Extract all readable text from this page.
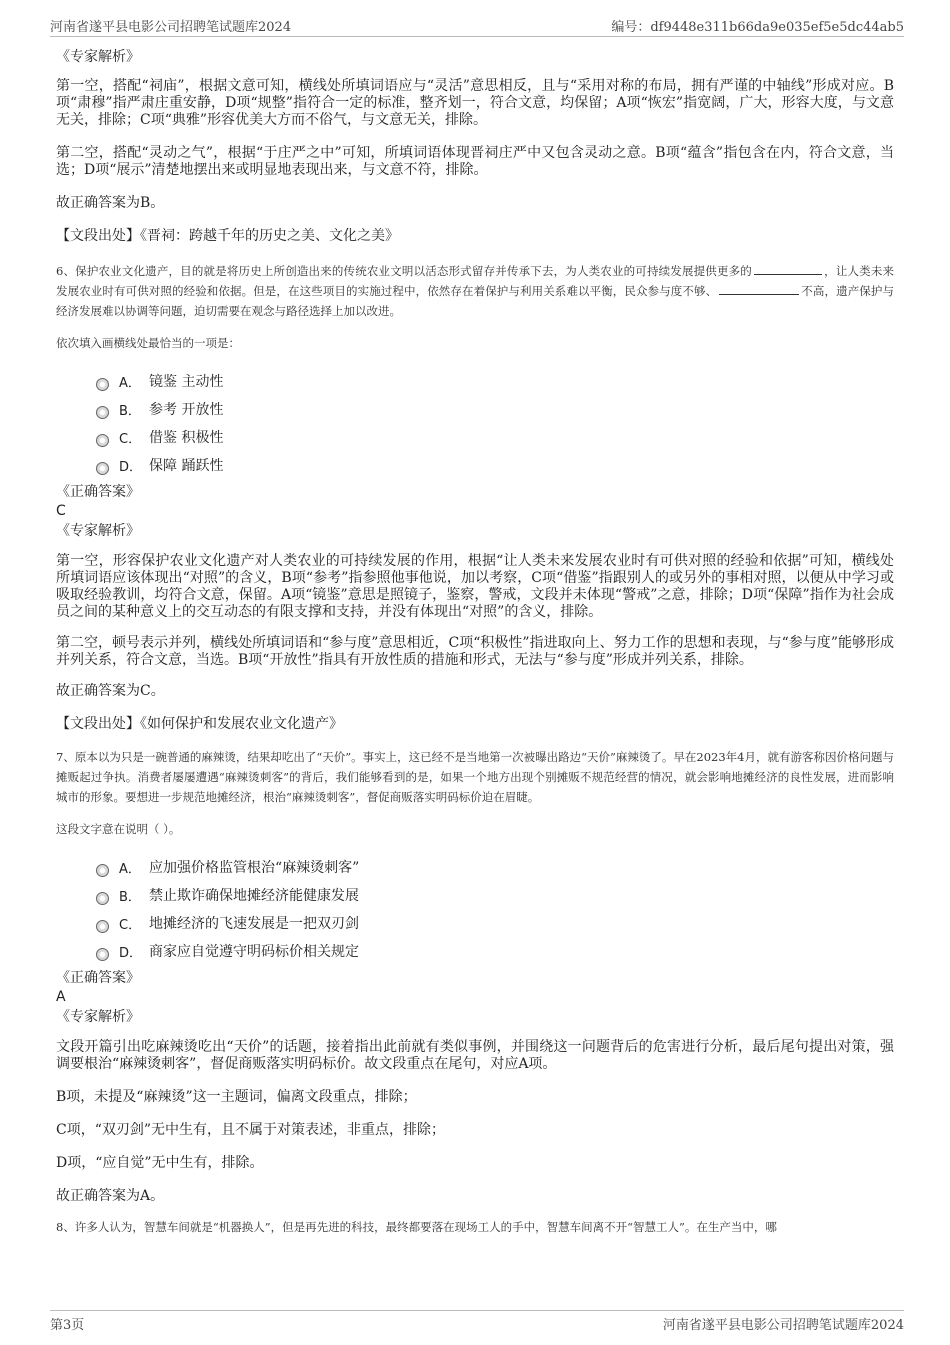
河南省遂平县电影公司招聘笔试题库2024	编号：df9448e311b66da9e035ef5e5dc44ab5

《专家解析》

第一空，搭配“祠庙”，根据文意可知，横线处所填词语应与“灵活”意思相反，且与“采用对称的布局，拥有严谨的中轴线”形成对应。B项“肃穆”指严肃庄重安静，D项“规整”指符合一定的标准，整齐划一，符合文意，均保留；A项“恢宏”指宽阔，广大，形容大度，与文意无关，排除；C项“典雅”形容优美大方而不俗气，与文意无关，排除。

第二空，搭配“灵动之气”，根据“于庄严之中”可知，所填词语体现晋祠庄严中又包含灵动之意。B项“蕴含”指包含在内，符合文意，当选；D项“展示”清楚地摆出来或明显地表现出来，与文意不符，排除。

故正确答案为B。

【文段出处】《晋祠：跨越千年的历史之美、文化之美》

6、保护农业文化遗产，目的就是将历史上所创造出来的传统农业文明以活态形式留存并传承下去，为人类农业的可持续发展提供更多的	，让人类未来发展农业时有可供对照的经验和依据。但是，在这些项目的实施过程中，依然存在着保护与利用关系难以平衡，民众参与度不够、	不高，遗产保护与经济发展难以协调等问题，迫切需要在观念与路径选择上加以改进。

依次填入画横线处最恰当的一项是：

A． 镜鉴 主动性
B． 参考 开放性
C． 借鉴 积极性
D． 保障 踊跃性

《正确答案》

C

《专家解析》

第一空，形容保护农业文化遗产对人类农业的可持续发展的作用，根据“让人类未来发展农业时有可供对照的经验和依据”可知，横线处所填词语应该体现出“对照”的含义，B项“参考”指参照他事他说，加以考察，C项“借鉴”指跟别人的或另外的事相对照，以便从中学习或吸取经验教训，均符合文意，保留。A项“镜鉴”意思是照镜子，鉴察，警戒，文段并未体现“警戒”之意，排除；D项“保障”指作为社会成员之间的某种意义上的交互动态的有限支撑和支持，并没有体现出“对照”的含义，排除。

第二空，顿号表示并列，横线处所填词语和“参与度”意思相近，C项“积极性”指进取向上、努力工作的思想和表现，与“参与度”能够形成并列关系，符合文意，当选。B项“开放性”指具有开放性质的措施和形式，无法与“参与度”形成并列关系，排除。

故正确答案为C。

【文段出处】《如何保护和发展农业文化遗产》

7、原本以为只是一碗普通的麻辣烫，结果却吃出了“天价”。事实上，这已经不是当地第一次被曝出路边“天价”麻辣烫了。早在2023年4月，就有游客称因价格问题与摊贩起过争执。消费者屡屡遭遇“麻辣烫刺客”的背后，我们能够看到的是，如果一个地方出现个别摊贩不规范经营的情况，就会影响地摊经济的良性发展，进而影响城市的形象。要想进一步规范地摊经济，根治“麻辣烫刺客”，督促商贩落实明码标价迫在眉睫。

这段文字意在说明（ ）。

A． 应加强价格监管根治“麻辣烫刺客”
B． 禁止欺诈确保地摊经济能健康发展
C． 地摊经济的飞速发展是一把双刃剑
D． 商家应自觉遵守明码标价相关规定

《正确答案》

A

《专家解析》

文段开篇引出吃麻辣烫吃出“天价”的话题，接着指出此前就有类似事例，并围绕这一问题背后的危害进行分析，最后尾句提出对策，强调要根治“麻辣烫刺客”，督促商贩落实明码标价。故文段重点在尾句，对应A项。

B项，未提及“麻辣烫”这一主题词，偏离文段重点，排除；

C项，“双刃剑”无中生有，且不属于对策表述，非重点，排除；

D项，“应自觉”无中生有，排除。

故正确答案为A。

8、许多人认为，智慧车间就是“机器换人”，但是再先进的科技，最终都要落在现场工人的手中，智慧车间离不开“智慧工人”。在生产当中，哪

第3页	河南省遂平县电影公司招聘笔试题库2024
